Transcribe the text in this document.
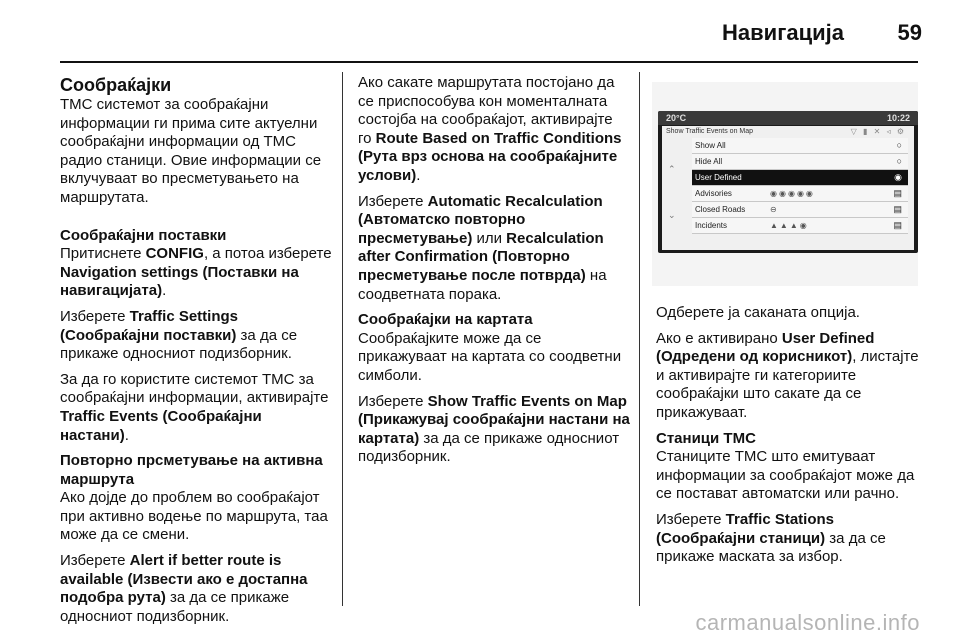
Навигација 59
Сообраќајки

TMC системот за сообраќајни информации ги прима сите актуелни сообраќајни информации од TMC радио станици. Овие информации се вклучуваат во пресметувањето на маршрутата.

Сообраќајни поставки

Притиснете CONFIG, а потоа изберете Navigation settings (Поставки на навигацијата).

Изберете Traffic Settings (Сообраќајни поставки) за да се прикаже односниот подизборник.

За да го користите системот TMC за сообраќајни информации, активирајте Traffic Events (Сообраќајни настани).

Повторно прсметување на активна маршрута

Ако дојде до проблем во сообраќајот при активно водење по маршрута, таа може да се смени.

Изберете Alert if better route is available (Извести ако е достапна подобра рута) за да се прикаже односниот подизборник.

Ако сакате маршрутата постојано да се приспособува кон моменталната состојба на сообраќајот, активирајте го Route Based on Traffic Conditions (Рута врз основа на сообраќајните услови).

Изберете Automatic Recalculation (Автоматско повторно пресметување) или Recalculation after Confirmation (Повторно пресметување после потврда) на соодветната порака.

Сообраќајки на картата

Сообраќајките може да се прикажуваат на картата со соодветни симболи.

Изберете Show Traffic Events on Map (Прикажувај сообраќајни настани на картата) за да се прикаже односниот подизборник.

20°C	10:22
Show Traffic Events on Map	▽ ▮ ✕ ◃ ⚙
⌃
⌄
Show All	○
Hide All	○
User Defined	◉
Advisories	◉◉◉◉◉	▤
Closed Roads	⊖	▤
Incidents	▲▲▲◉	▤

Одберете ја саканата опција.

Ако е активирано User Defined (Одредени од корисникот), листајте и активирајте ги категориите сообраќајки што сакате да се прикажуваат.

Станици TMC

Станиците TMC што емитуваат информации за сообраќајот може да се постават автоматски или рачно.

Изберете Traffic Stations (Сообраќајни станици) за да се прикаже маската за избор.

carmanualsonline.info
